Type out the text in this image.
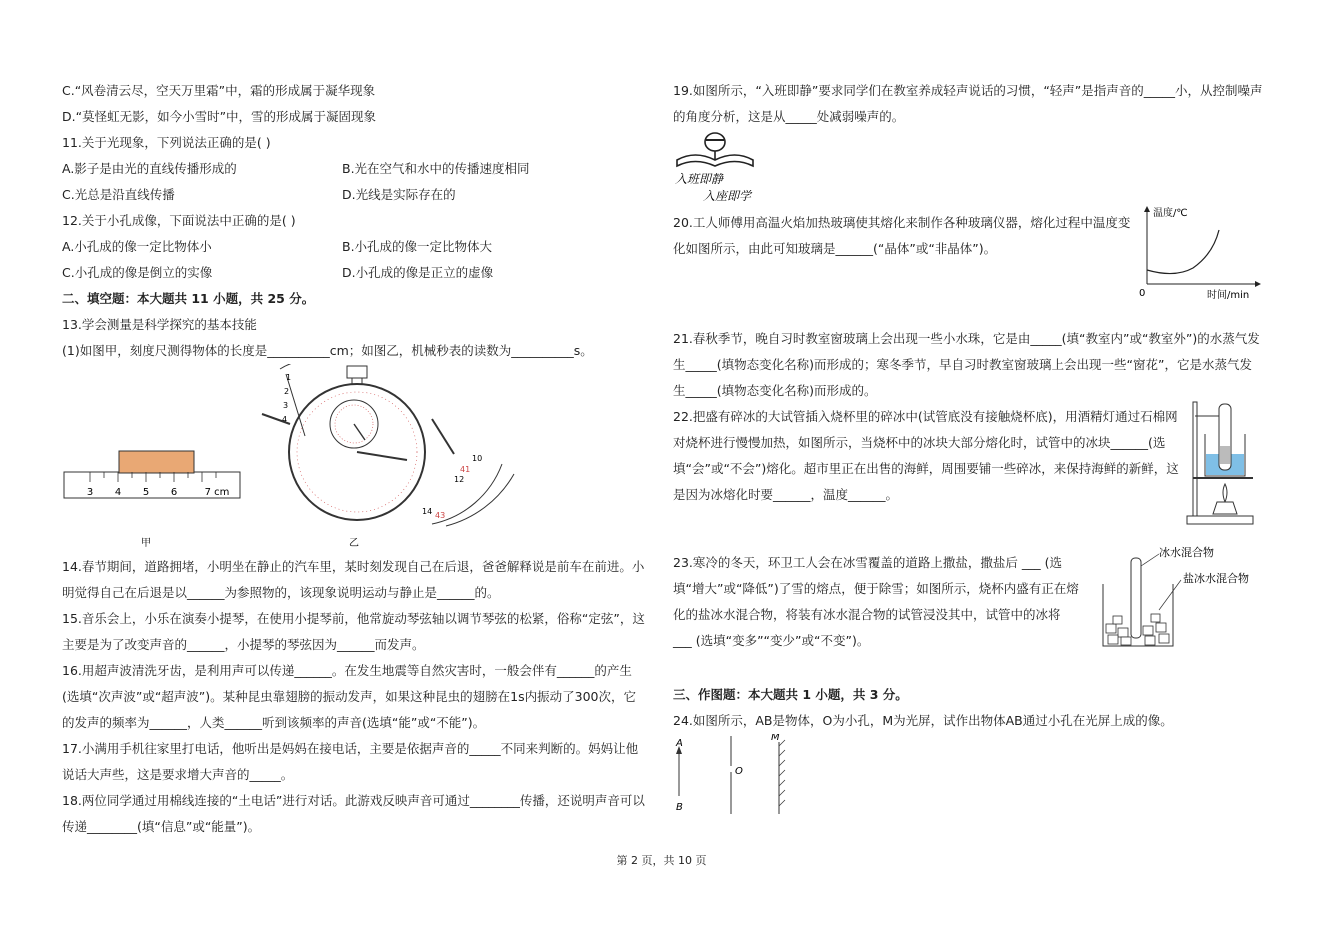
C.“风卷清云尽，空天万里霜”中，霜的形成属于凝华现象
D.“莫怪虹无影，如今小雪时”中，雪的形成属于凝固现象
11.关于光现象，下列说法正确的是( )
A.影子是由光的直线传播形成的	B.光在空气和水中的传播速度相同
C.光总是沿直线传播	D.光线是实际存在的
12.关于小孔成像，下面说法中正确的是( )
A.小孔成的像一定比物体小	B.小孔成的像一定比物体大
C.小孔成的像是倒立的实像	D.小孔成的像是正立的虚像
二、填空题：本大题共 11 小题，共 25 分。
13.学会测量是科学探究的基本技能
(1)如图甲，刻度尺测得物体的长度是__________cm；如图乙，机械秒表的读数为__________s。
3 4 5 6	7 cm
甲
1
2
3
4
10
12
14
41
43
乙
14.春节期间，道路拥堵，小明坐在静止的汽车里，某时刻发现自己在后退，爸爸解释说是前车在前进。小明觉得自己在后退是以______为参照物的，该现象说明运动与静止是______的。
15.音乐会上，小乐在演奏小提琴，在使用小提琴前，他常旋动琴弦轴以调节琴弦的松紧，俗称“定弦”，这主要是为了改变声音的______，小提琴的琴弦因为______而发声。
16.用超声波清洗牙齿，是利用声可以传递______。在发生地震等自然灾害时，一般会伴有______的产生(选填“次声波”或“超声波”)。某种昆虫靠翅膀的振动发声，如果这种昆虫的翅膀在1s内振动了300次，它的发声的频率为______，人类______听到该频率的声音(选填“能”或“不能”)。
17.小满用手机往家里打电话，他听出是妈妈在接电话，主要是依据声音的_____不同来判断的。妈妈让他说话大声些，这是要求增大声音的_____。
18.两位同学通过用棉线连接的“土电话”进行对话。此游戏反映声音可通过________传播，还说明声音可以传递________(填“信息”或“能量”)。
19.如图所示，“入班即静”要求同学们在教室养成轻声说话的习惯，“轻声”是指声音的_____小，从控制噪声的角度分析，这是从_____处减弱噪声的。
入班即静
入座即学
20.工人师傅用高温火焰加热玻璃使其熔化来制作各种玻璃仪器，熔化过程中温度变化如图所示，由此可知玻璃是______(“晶体”或“非晶体”)。
温度/℃
时间/min
0
21.春秋季节，晚自习时教室窗玻璃上会出现一些小水珠，它是由_____(填“教室内”或“教室外”)的水蒸气发生_____(填物态变化名称)而形成的；寒冬季节，早自习时教室窗玻璃上会出现一些“窗花”，它是水蒸气发生_____(填物态变化名称)而形成的。
22.把盛有碎冰的大试管插入烧杯里的碎冰中(试管底没有接触烧杯底)，用酒精灯通过石棉网对烧杯进行慢慢加热，如图所示，当烧杯中的冰块大部分熔化时，试管中的冰块______(选填“会”或“不会”)熔化。超市里正在出售的海鲜，周围要铺一些碎冰，来保持海鲜的新鲜，这是因为冰熔化时要______，温度______。
23.寒冷的冬天，环卫工人会在冰雪覆盖的道路上撒盐，撒盐后 ___ (选填“增大”或“降低”)了雪的熔点，便于除雪；如图所示，烧杯内盛有正在熔化的盐冰水混合物，将装有冰水混合物的试管浸没其中，试管中的冰将 ___ (选填“变多”“变少”或“不变”)。
冰水混合物
盐冰水混合物
三、作图题：本大题共 1 小题，共 3 分。
24.如图所示，AB是物体，O为小孔，M为光屏，试作出物体AB通过小孔在光屏上成的像。
A
B
O
M
第 2 页，共 10 页
